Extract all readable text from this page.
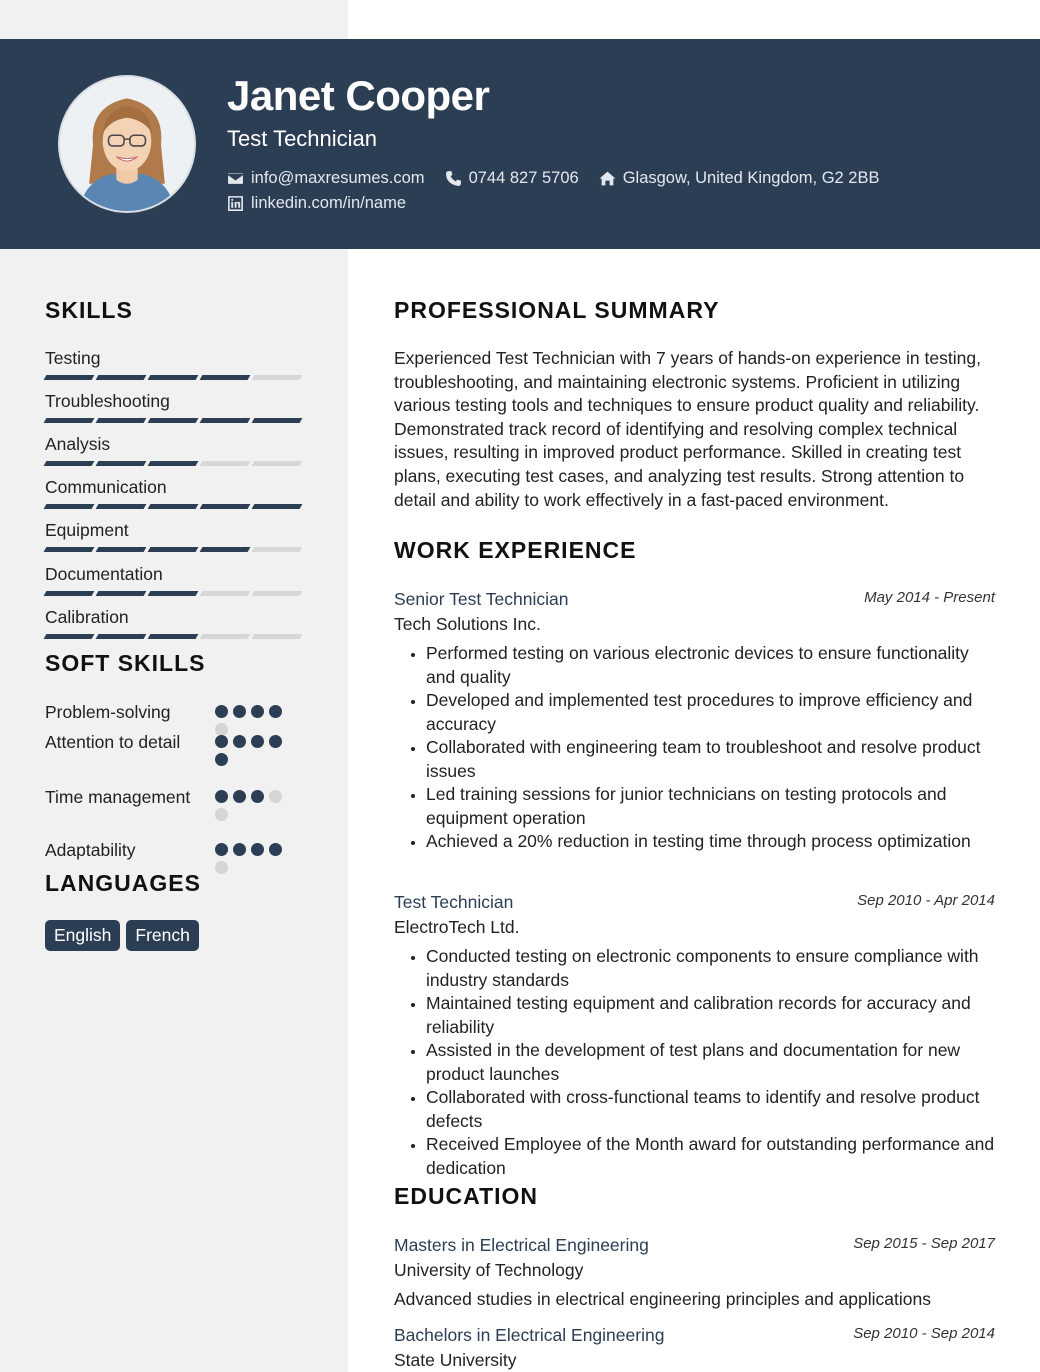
Janet Cooper
Test Technician
info@maxresumes.com	0744 827 5706	Glasgow, United Kingdom, G2 2BB
linkedin.com/in/name
SKILLS
Testing
Troubleshooting
Analysis
Communication
Equipment
Documentation
Calibration
SOFT SKILLS
Problem-solving
Attention to detail
Time management
Adaptability
LANGUAGES
English	French
PROFESSIONAL SUMMARY
Experienced Test Technician with 7 years of hands-on experience in testing, troubleshooting, and maintaining electronic systems. Proficient in utilizing various testing tools and techniques to ensure product quality and reliability. Demonstrated track record of identifying and resolving complex technical issues, resulting in improved product performance. Skilled in creating test plans, executing test cases, and analyzing test results. Strong attention to detail and ability to work effectively in a fast-paced environment.
WORK EXPERIENCE
Senior Test Technician	May 2014 - Present
Tech Solutions Inc.
• Performed testing on various electronic devices to ensure functionality and quality
• Developed and implemented test procedures to improve efficiency and accuracy
• Collaborated with engineering team to troubleshoot and resolve product issues
• Led training sessions for junior technicians on testing protocols and equipment operation
• Achieved a 20% reduction in testing time through process optimization
Test Technician	Sep 2010 - Apr 2014
ElectroTech Ltd.
• Conducted testing on electronic components to ensure compliance with industry standards
• Maintained testing equipment and calibration records for accuracy and reliability
• Assisted in the development of test plans and documentation for new product launches
• Collaborated with cross-functional teams to identify and resolve product defects
• Received Employee of the Month award for outstanding performance and dedication
EDUCATION
Masters in Electrical Engineering	Sep 2015 - Sep 2017
University of Technology
Advanced studies in electrical engineering principles and applications
Bachelors in Electrical Engineering	Sep 2010 - Sep 2014
State University
